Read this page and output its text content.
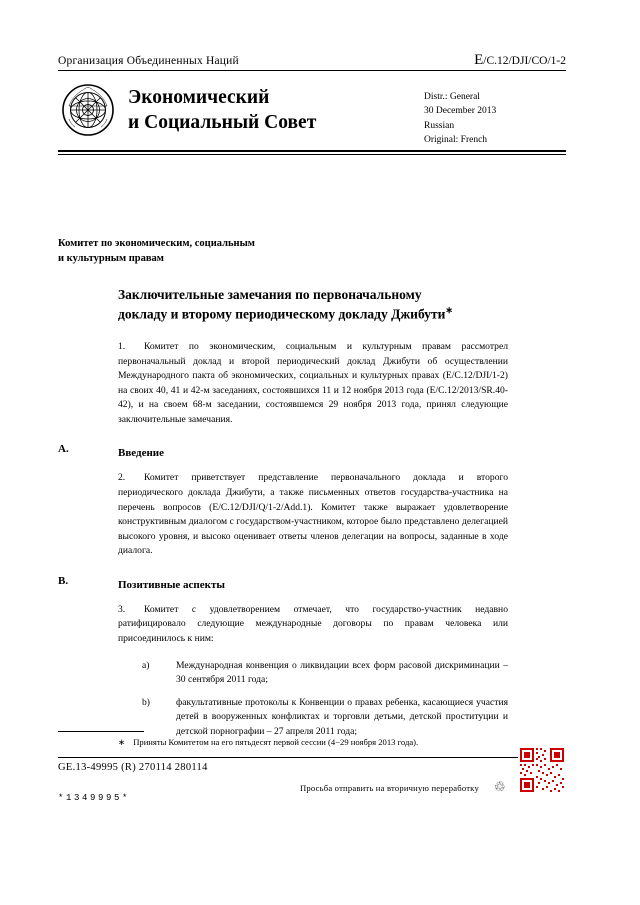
Организация Объединенных Наций	E/C.12/DJI/CO/1-2
Экономический
и Социальный Совет
Distr.: General
30 December 2013
Russian
Original: French
Комитет по экономическим, социальным
и культурным правам
Заключительные замечания по первоначальному
докладу и второму периодическому докладу Джибути∗

1. Комитет по экономическим, социальным и культурным правам рассмотрел первоначальный доклад и второй периодический доклад Джибути об осуществлении Международного пакта об экономических, социальных и культурных правах (E/C.12/DJI/1-2) на своих 40, 41 и 42-м заседаниях, состоявшихся 11 и 12 ноября 2013 года (E/C.12/2013/SR.40-42), и на своем 68-м заседании, состоявшемся 29 ноября 2013 года, принял следующие заключительные замечания.

A.	Введение

2. Комитет приветствует представление первоначального доклада и второго периодического доклада Джибути, а также письменных ответов государства-участника на перечень вопросов (E/C.12/DJI/Q/1-2/Add.1). Комитет также выражает удовлетворение конструктивным диалогом с государством-участником, которое было представлено делегацией высокого уровня, и высоко оценивает ответы членов делегации на вопросы, заданные в ходе диалога.

B.	Позитивные аспекты

3. Комитет с удовлетворением отмечает, что государство-участник недавно ратифицировало следующие международные договоры по правам человека или присоединилось к ним:

a)	Международная конвенция о ликвидации всех форм расовой дискриминации – 30 сентября 2011 года;

b)	факультативные протоколы к Конвенции о правах ребенка, касающиеся участия детей в вооруженных конфликтах и торговли детьми, детской проституции и детской порнографии – 27 апреля 2011 года;

∗ Приняты Комитетом на его пятьдесят первой сессии (4−29 ноября 2013 года).
GE.13-49995 (R) 270114 280114
*1349995*
Просьба отправить на вторичную переработку ♲
